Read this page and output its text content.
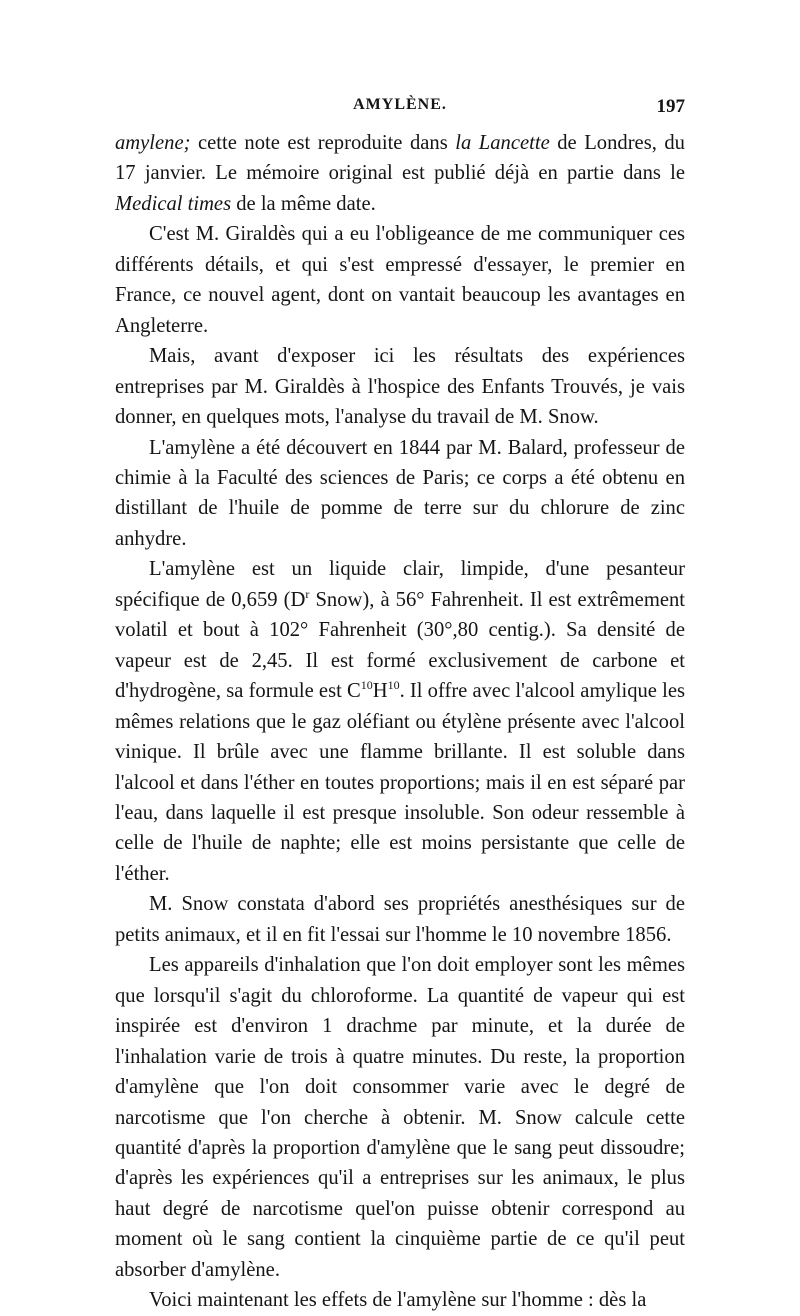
AMYLÈNE.	197

amylene; cette note est reproduite dans la Lancette de Londres, du 17 janvier. Le mémoire original est publié déjà en partie dans le Medical times de la même date.

C'est M. Giraldès qui a eu l'obligeance de me communiquer ces différents détails, et qui s'est empressé d'essayer, le premier en France, ce nouvel agent, dont on vantait beaucoup les avantages en Angleterre.

Mais, avant d'exposer ici les résultats des expériences entreprises par M. Giraldès à l'hospice des Enfants Trouvés, je vais donner, en quelques mots, l'analyse du travail de M. Snow.

L'amylène a été découvert en 1844 par M. Balard, professeur de chimie à la Faculté des sciences de Paris; ce corps a été obtenu en distillant de l'huile de pomme de terre sur du chlorure de zinc anhydre.

L'amylène est un liquide clair, limpide, d'une pesanteur spécifique de 0,659 ($D^r$ Snow), à 56° Fahrenheit. Il est extrêmement volatil et bout à 102° Fahrenheit (30°,80 centig.). Sa densité de vapeur est de 2,45. Il est formé exclusivement de carbone et d'hydrogène, sa formule est $C^{10}H^{10}$. Il offre avec l'alcool amylique les mêmes relations que le gaz oléfiant ou étylène présente avec l'alcool vinique. Il brûle avec une flamme brillante. Il est soluble dans l'alcool et dans l'éther en toutes proportions; mais il en est séparé par l'eau, dans laquelle il est presque insoluble. Son odeur ressemble à celle de l'huile de naphte; elle est moins persistante que celle de l'éther.

M. Snow constata d'abord ses propriétés anesthésiques sur de petits animaux, et il en fit l'essai sur l'homme le 10 novembre 1856.

Les appareils d'inhalation que l'on doit employer sont les mêmes que lorsqu'il s'agit du chloroforme. La quantité de vapeur qui est inspirée est d'environ 1 drachme par minute, et la durée de l'inhalation varie de trois à quatre minutes. Du reste, la proportion d'amylène que l'on doit consommer varie avec le degré de narcotisme que l'on cherche à obtenir. M. Snow calcule cette quantité d'après la proportion d'amylène que le sang peut dissoudre; d'après les expériences qu'il a entreprises sur les animaux, le plus haut degré de narcotisme quel'on puisse obtenir correspond au moment où le sang contient la cinquième partie de ce qu'il peut absorber d'amylène.

Voici maintenant les effets de l'amylène sur l'homme : dès la
